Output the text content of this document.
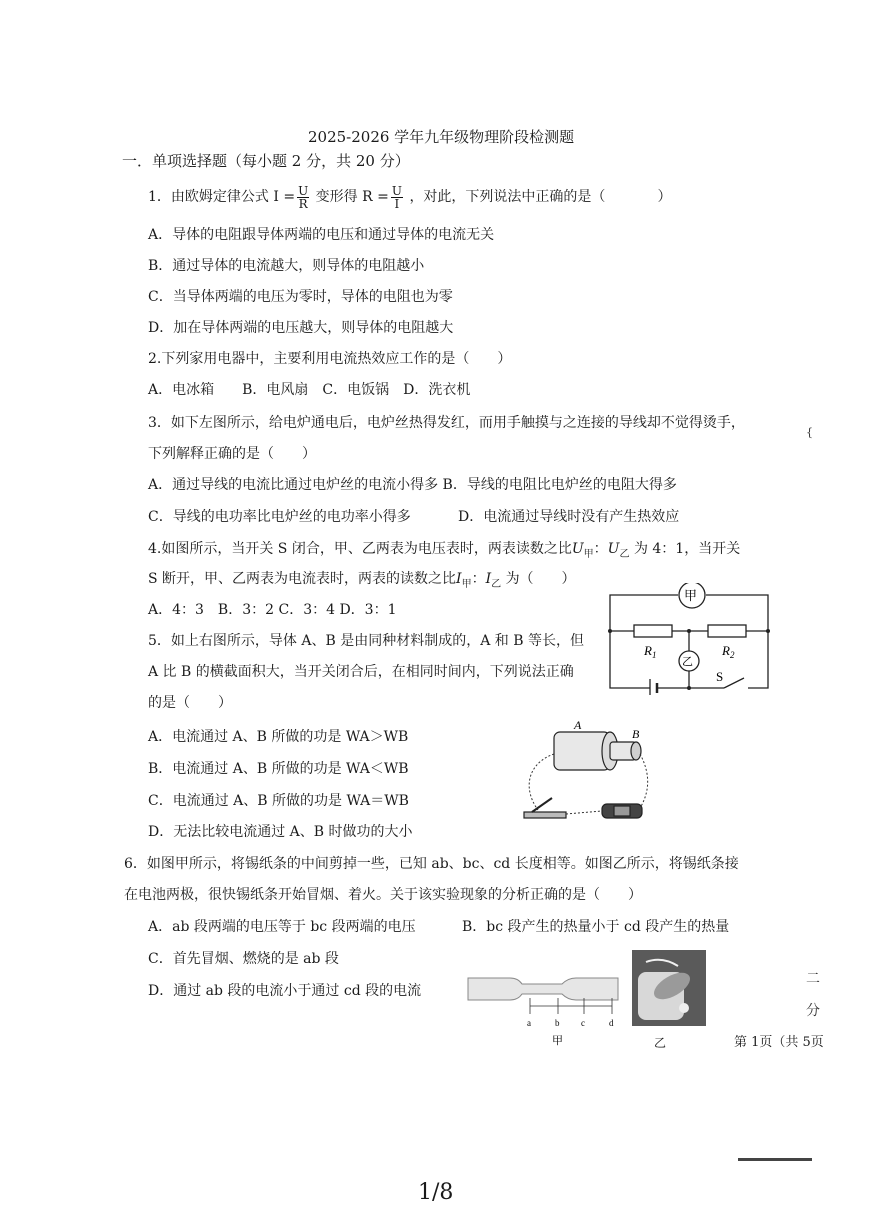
2025-2026 学年九年级物理阶段检测题
一．单项选择题（每小题 2 分，共 20 分）
1．由欧姆定律公式 $I = \frac{U}{R}$ 变形得 $R = \frac{U}{I}$ ，对此，下列说法中正确的是（	）
A．导体的电阻跟导体两端的电压和通过导体的电流无关
B．通过导体的电流越大，则导体的电阻越小
C．当导体两端的电压为零时，导体的电阻也为零
D．加在导体两端的电压越大，则导体的电阻越大
2.下列家用电器中，主要利用电流热效应工作的是（　　）
A．电冰箱　　B．电风扇　C．电饭锅　D．洗衣机
3．如下左图所示，给电炉通电后，电炉丝热得发红，而用手触摸与之连接的导线却不觉得烫手，
下列解释正确的是（　　）
A．通过导线的电流比通过电炉丝的电流小得多 B．导线的电阻比电炉丝的电阻大得多
C．导线的电功率比电炉丝的电功率小得多	D．电流通过导线时没有产生热效应
4.如图所示，当开关 S 闭合，甲、乙两表为电压表时，两表读数之比$U_甲$：$U_乙$ 为 4：1，当开关
S 断开，甲、乙两表为电流表时，两表的读数之比$I_甲$：$I_乙$ 为（　　）
A．4：3　B．3：2 C．3：4 D．3：1
5．如上右图所示，导体 A、B 是由同种材料制成的，A 和 B 等长，但
A 比 B 的横截面积大，当开关闭合后，在相同时间内，下列说法正确
的是（　　）
A．电流通过 A、B 所做的功是 WA＞WB
B．电流通过 A、B 所做的功是 WA＜WB
C．电流通过 A、B 所做的功是 WA＝WB
D．无法比较电流通过 A、B 时做功的大小
6．如图甲所示，将锡纸条的中间剪掉一些，已知 ab、bc、cd 长度相等。如图乙所示，将锡纸条接
在电池两极，很快锡纸条开始冒烟、着火。关于该实验现象的分析正确的是（　　）
A．ab 段两端的电压等于 bc 段两端的电压	B．bc 段产生的热量小于 cd 段产生的热量
C．首先冒烟、燃烧的是 ab 段
D．通过 ab 段的电流小于通过 cd 段的电流
甲
乙
$R_1$	$R_2$
S
A
B
a	b c	d
甲	乙	第 1页（共 5页
二
分
{
1/8
